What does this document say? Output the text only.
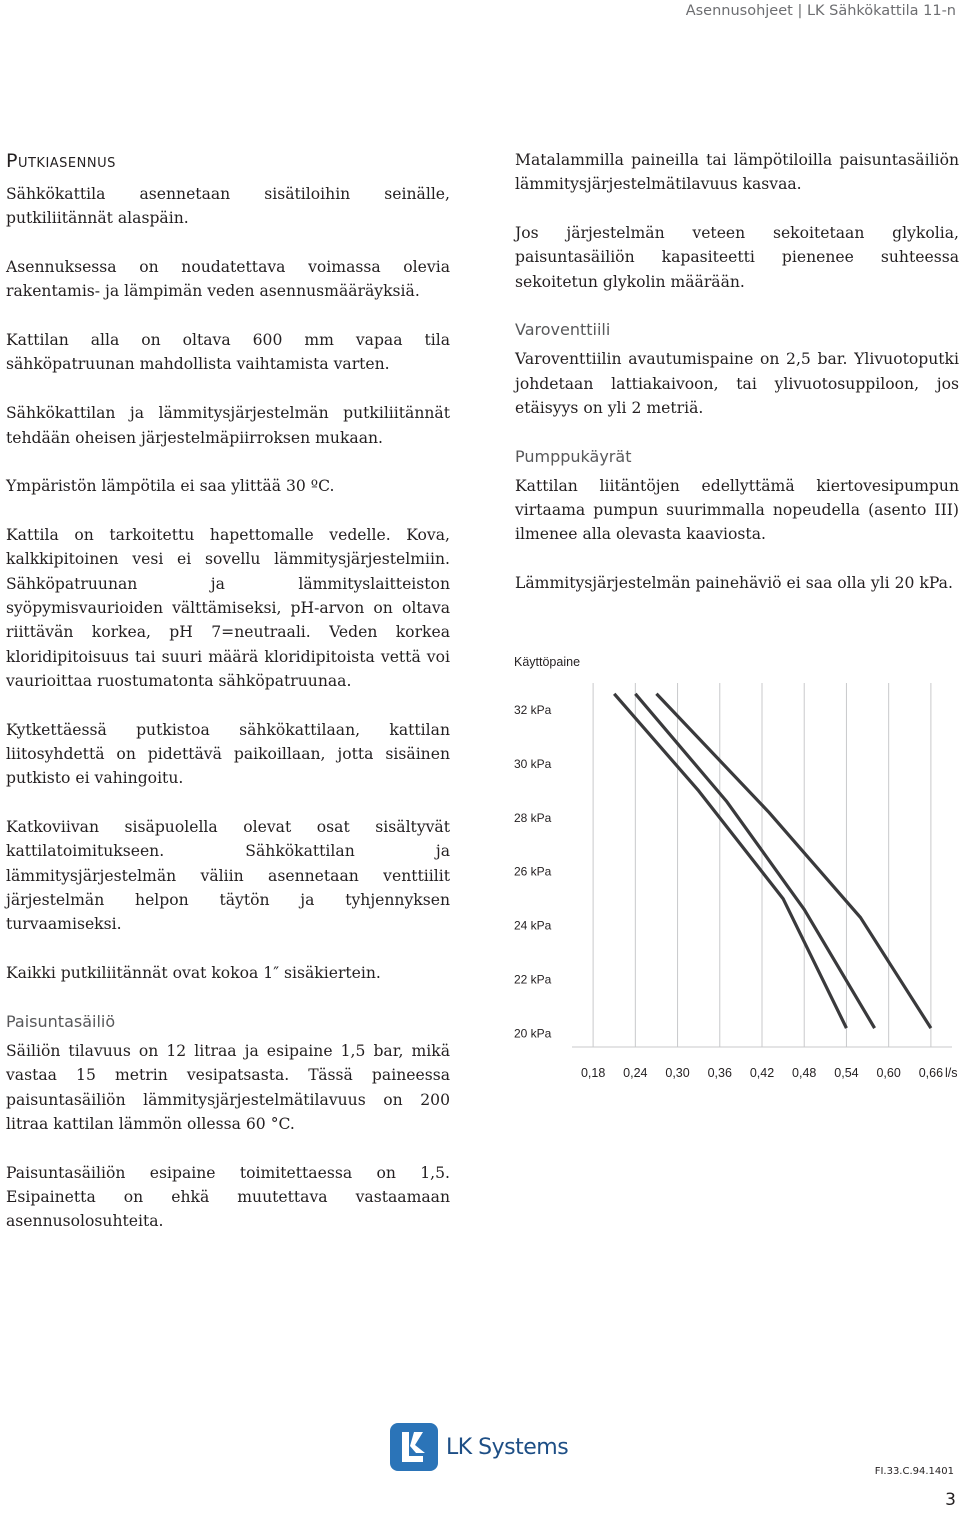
Asennusohjeet | LK Sähkökattila 11-n
Putkiasennus

Sähkökattila asennetaan sisätiloihin seinälle, putkiliitännät alaspäin.

Asennuksessa on noudatettava voimassa olevia rakentamis- ja lämpimän veden asennusmääräyksiä.

Kattilan alla on oltava 600 mm vapaa tila sähköpatruunan mahdollista vaihtamista varten.

Sähkökattilan ja lämmitysjärjestelmän putkiliitännät tehdään oheisen järjestelmäpiirroksen mukaan.

Ympäristön lämpötila ei saa ylittää 30 ºC.

Kattila on tarkoitettu hapettomalle vedelle. Kova, kalkkipitoinen vesi ei sovellu lämmitysjärjestelmiin. Sähköpatruunan ja lämmityslaitteiston syöpymisvaurioiden välttämiseksi, pH-arvon on oltava riittävän korkea, pH 7=neutraali. Veden korkea kloridipitoisuus tai suuri määrä kloridipitoista vettä voi vaurioittaa ruostumatonta sähköpatruunaa.

Kytkettäessä putkistoa sähkökattilaan, kattilan liitosyhdettä on pidettävä paikoillaan, jotta sisäinen putkisto ei vahingoitu.

Katkoviivan sisäpuolella olevat osat sisältyvät kattilatoimitukseen. Sähkökattilan ja lämmitysjärjestelmän väliin asennetaan venttiilit järjestelmän helpon täytön ja tyhjennyksen turvaamiseksi.

Kaikki putkiliitännät ovat kokoa 1″ sisäkiertein.

Paisuntasäiliö

Säiliön tilavuus on 12 litraa ja esipaine 1,5 bar, mikä vastaa 15 metrin vesipatsasta. Tässä paineessa paisuntasäiliön lämmitysjärjestelmätilavuus on 200 litraa kattilan lämmön ollessa 60 °C.

Paisuntasäiliön esipaine toimitettaessa on 1,5. Esipainetta on ehkä muutettava vastaamaan asennusolosuhteita.

Matalammilla paineilla tai lämpötiloilla paisuntasäiliön lämmitysjärjestelmätilavuus kasvaa.

Jos järjestelmän veteen sekoitetaan glykolia, paisuntasäiliön kapasiteetti pienenee suhteessa sekoitetun glykolin määrään.

Varoventtiili

Varoventtiilin avautumispaine on 2,5 bar. Ylivuotoputki johdetaan lattiakaivoon, tai ylivuotosuppiloon, jos etäisyys on yli 2 metriä.

Pumppukäyrät

Kattilan liitäntöjen edellyttämä kiertovesipumpun virtaama pumpun suurimmalla nopeudella (asento III) ilmenee alla olevasta kaaviosta.

Lämmitysjärjestelmän painehäviö ei saa olla yli 20 kPa.

Käyttöpaine
32 kPa
30 kPa
28 kPa
26 kPa
24 kPa
22 kPa
20 kPa
0,18 0,24 0,30 0,36 0,42 0,48 0,54 0,60 0,66 l/s
LK Systems
FI.33.C.94.1401
3
